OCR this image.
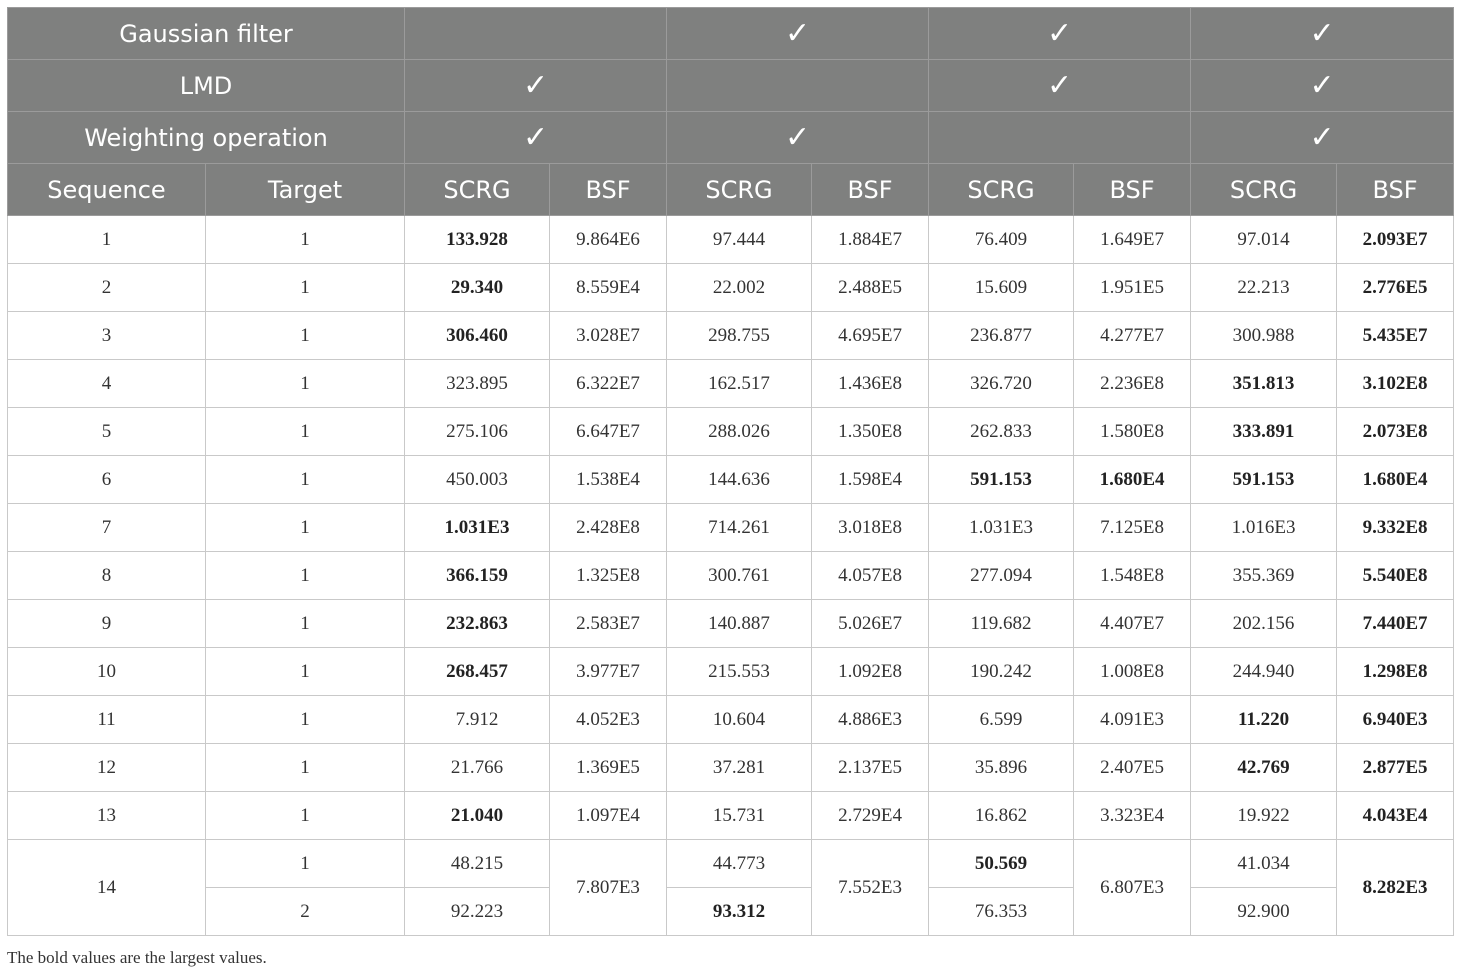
Gaussian filter				✓		✓		✓	
LMD		✓				✓		✓	
Weighting operation		✓		✓				✓	
Sequence	Target	SCRG	BSF	SCRG	BSF	SCRG	BSF	SCRG	BSF
1	1	133.928	9.864E6	97.444	1.884E7	76.409	1.649E7	97.014	2.093E7
2	1	29.340	8.559E4	22.002	2.488E5	15.609	1.951E5	22.213	2.776E5
3	1	306.460	3.028E7	298.755	4.695E7	236.877	4.277E7	300.988	5.435E7
4	1	323.895	6.322E7	162.517	1.436E8	326.720	2.236E8	351.813	3.102E8
5	1	275.106	6.647E7	288.026	1.350E8	262.833	1.580E8	333.891	2.073E8
6	1	450.003	1.538E4	144.636	1.598E4	591.153	1.680E4	591.153	1.680E4
7	1	1.031E3	2.428E8	714.261	3.018E8	1.031E3	7.125E8	1.016E3	9.332E8
8	1	366.159	1.325E8	300.761	4.057E8	277.094	1.548E8	355.369	5.540E8
9	1	232.863	2.583E7	140.887	5.026E7	119.682	4.407E7	202.156	7.440E7
10	1	268.457	3.977E7	215.553	1.092E8	190.242	1.008E8	244.940	1.298E8
11	1	7.912	4.052E3	10.604	4.886E3	6.599	4.091E3	11.220	6.940E3
12	1	21.766	1.369E5	37.281	2.137E5	35.896	2.407E5	42.769	2.877E5
13	1	21.040	1.097E4	15.731	2.729E4	16.862	3.323E4	19.922	4.043E4
14	1	48.215	7.807E3	44.773	7.552E3	50.569	6.807E3	41.034	8.282E3
	2	92.223		93.312		76.353		92.900	
The bold values are the largest values.
